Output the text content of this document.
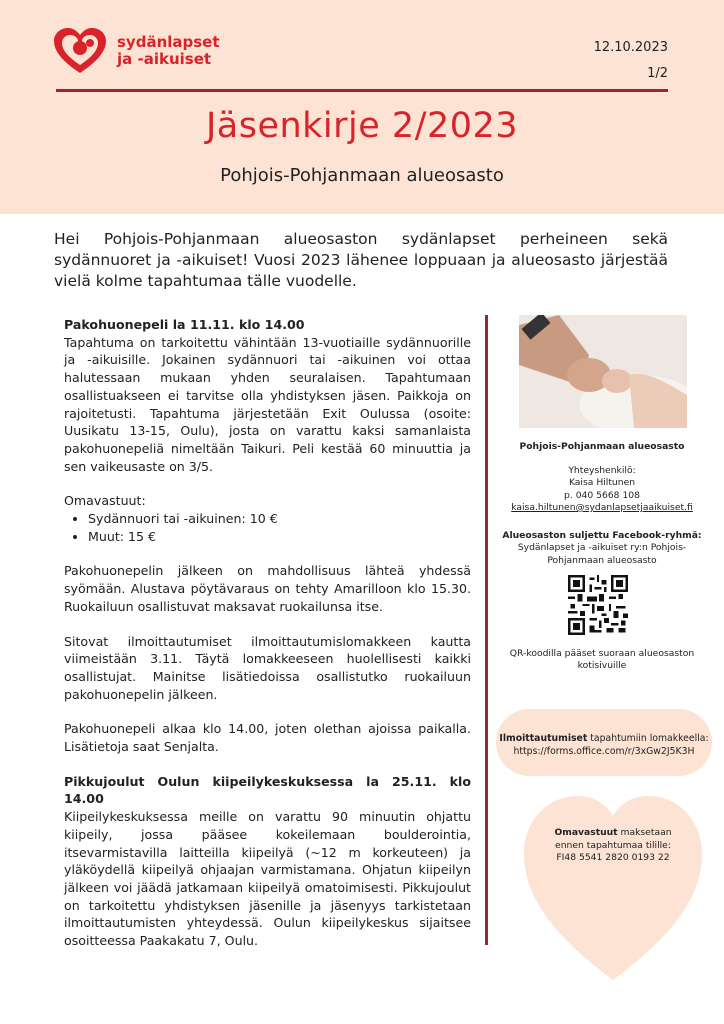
sydänlapset
ja -aikuiset
12.10.2023
1/2
Jäsenkirje 2/2023
Pohjois-Pohjanmaan alueosasto
Hei Pohjois-Pohjanmaan alueosaston sydänlapset perheineen sekä sydännuoret ja -aikuiset! Vuosi 2023 lähenee loppuaan ja alueosasto järjestää vielä kolme tapahtumaa tälle vuodelle.

Pakohuonepeli la 11.11. klo 14.00

Tapahtuma on tarkoitettu vähintään 13-vuotiaille sydännuorille ja -aikuisille. Jokainen sydännuori tai -aikuinen voi ottaa halutessaan mukaan yhden seuralaisen. Tapahtumaan osallistuakseen ei tarvitse olla yhdistyksen jäsen. Paikkoja on rajoitetusti. Tapahtuma järjestetään Exit Oulussa (osoite: Uusikatu 13-15, Oulu), josta on varattu kaksi samanlaista pakohuonepeliä nimeltään Taikuri. Peli kestää 60 minuuttia ja sen vaikeusaste on 3/5.

Omavastuut:

• Sydännuori tai -aikuinen: 10 €
• Muut: 15 €

Pakohuonepelin jälkeen on mahdollisuus lähteä yhdessä syömään. Alustava pöytävaraus on tehty Amarilloon klo 15.30. Ruokailuun osallistuvat maksavat ruokailunsa itse.

Sitovat ilmoittautumiset ilmoittautumislomakkeen kautta viimeistään 3.11. Täytä lomakkeeseen huolellisesti kaikki osallistujat. Mainitse lisätiedoissa osallistutko ruokailuun pakohuonepelin jälkeen.

Pakohuonepeli alkaa klo 14.00, joten olethan ajoissa paikalla. Lisätietoja saat Senjalta.

Pikkujoulut Oulun kiipeilykeskuksessa la 25.11. klo 14.00

Kiipeilykeskuksessa meille on varattu 90 minuutin ohjattu kiipeily, jossa pääsee kokeilemaan boulderointia, itsevarmistavilla laitteilla kiipeilyä (~12 m korkeuteen) ja yläköydellä kiipeilyä ohjaajan varmistamana. Ohjatun kiipeilyn jälkeen voi jäädä jatkamaan kiipeilyä omatoimisesti. Pikkujoulut on tarkoitettu yhdistyksen jäsenille ja jäsenyys tarkistetaan ilmoittautumisten yhteydessä. Oulun kiipeilykeskus sijaitsee osoitteessa Paakakatu 7, Oulu.

Pohjois-Pohjanmaan alueosasto
Yhteyshenkilö:
Kaisa Hiltunen
p. 040 5668 108
kaisa.hiltunen@sydanlapsetjaaikuiset.fi
Alueosaston suljettu Facebook-ryhmä:
Sydänlapset ja -aikuiset ry:n Pohjois-Pohjanmaan alueosasto
QR-koodilla pääset suoraan alueosaston kotisivuille
Ilmoittautumiset tapahtumiin lomakkeella:
https://forms.office.com/r/3xGw2J5K3H
Omavastuut maksetaan ennen tapahtumaa tilille:
FI48 5541 2820 0193 22
